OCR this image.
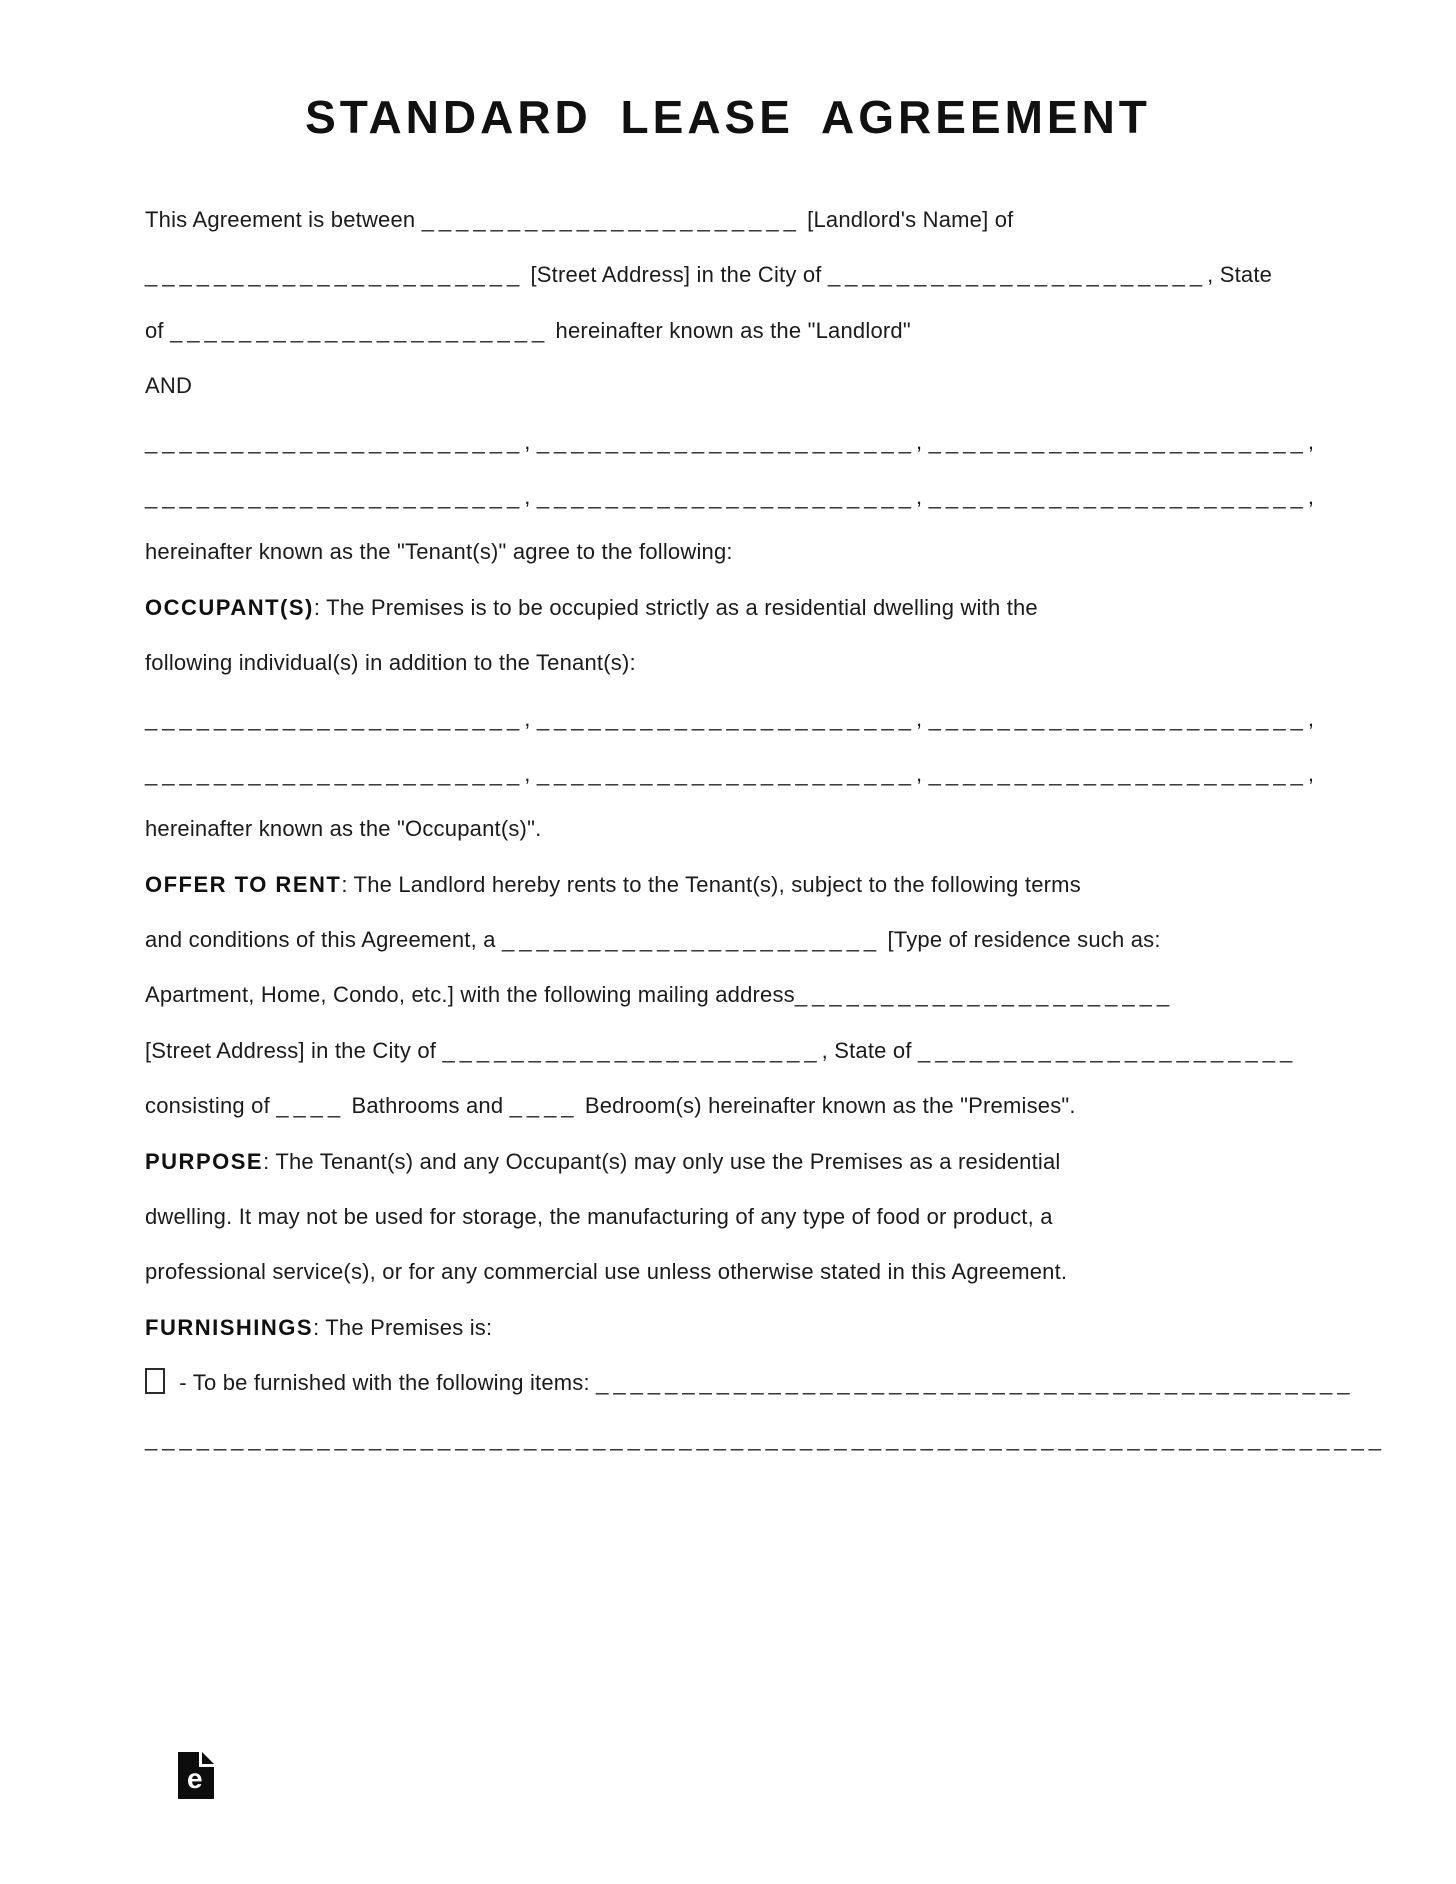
STANDARD LEASE AGREEMENT
This Agreement is between ______________________ [Landlord's Name] of
______________________ [Street Address] in the City of ______________________, State
of ______________________ hereinafter known as the "Landlord"
AND
______________________, ______________________, ______________________,
______________________, ______________________, ______________________,
hereinafter known as the "Tenant(s)" agree to the following:
OCCUPANT(S): The Premises is to be occupied strictly as a residential dwelling with the
following individual(s) in addition to the Tenant(s):
______________________, ______________________, ______________________,
______________________, ______________________, ______________________,
hereinafter known as the "Occupant(s)".
OFFER TO RENT: The Landlord hereby rents to the Tenant(s), subject to the following terms
and conditions of this Agreement, a ______________________ [Type of residence such as:
Apartment, Home, Condo, etc.] with the following mailing address______________________
[Street Address] in the City of ______________________, State of ______________________
consisting of ____ Bathrooms and ____ Bedroom(s) hereinafter known as the "Premises".
PURPOSE: The Tenant(s) and any Occupant(s) may only use the Premises as a residential
dwelling. It may not be used for storage, the manufacturing of any type of food or product, a
professional service(s), or for any commercial use unless otherwise stated in this Agreement.
FURNISHINGS: The Premises is:
- To be furnished with the following items: ____________________________________________
________________________________________________________________________
e
